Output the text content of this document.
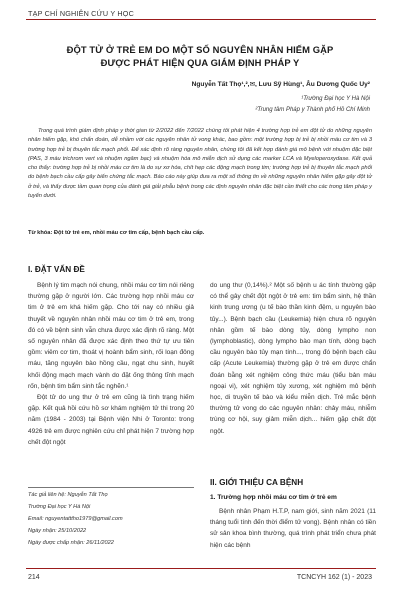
TẠP CHÍ NGHIÊN CỨU Y HỌC
ĐỘT TỬ Ở TRẺ EM DO MỘT SỐ NGUYÊN NHÂN HIẾM GẶP
ĐƯỢC PHÁT HIỆN QUA GIÁM ĐỊNH PHÁP Y
Nguyễn Tất Thọ¹,²,✉, Lưu Sỹ Hùng¹, Âu Dương Quốc Uy²
¹Trường Đại học Y Hà Nội
²Trung tâm Pháp y Thành phố Hồ Chí Minh

Trong quá trình giám định pháp y thời gian từ 2/2022 đến 7/2022 chúng tôi phát hiện 4 trường hợp trẻ em đột tử do những nguyên nhân hiếm gặp, khó chẩn đoán, dễ nhầm với các nguyên nhân tử vong khác, bao gồm: một trường hợp bị trẻ bị nhồi máu cơ tim và 3 trường hợp trẻ bị thuyên tắc mạch phổi. Để xác định rõ ràng nguyên nhân, chúng tôi đã kết hợp đánh giá mô bệnh với nhuộm đặc biệt (PAS, 3 màu trichrom vert và nhuộm ngâm bạc) và nhuộm hóa mô miễn dịch sử dụng các marker LCA và Myeloperoxydase. Kết quả cho thấy: trường hợp trẻ bị nhồi máu cơ tim là do sự xơ hóa, chít hẹp các động mạch trong tim; trường hợp trẻ bị thuyên tắc mạch phổi do bệnh bạch cầu cấp gây biến chứng tắc mạch. Báo cáo này giúp đưa ra một số thông tin về những nguyên nhân hiếm gặp gây đột tử ở trẻ, và thấy được tầm quan trọng của đánh giá giải phẫu bệnh trong các định nguyên nhân đặc biệt cần thiết cho các trong tâm pháp y tuyến dưới.

Từ khóa: Đột tử trẻ em, nhồi máu cơ tim cấp, bệnh bạch cầu cấp.
I. ĐẶT VẤN ĐỀ

Bệnh lý tim mạch nói chung, nhồi máu cơ tim nói riêng thường gặp ở người lớn. Các trường hợp nhồi máu cơ tim ở trẻ em khá hiếm gặp. Cho tới nay có nhiều giả thuyết về nguyên nhân nhồi máu cơ tim ở trẻ em, trong đó có về bệnh sinh vẫn chưa được xác định rõ ràng. Một số nguyên nhân đã được xác định theo thứ tự ưu tiên gồm: viêm cơ tim, thoát vị hoành bẩm sinh, rối loạn đông máu, tăng nguyên bào hồng cầu, ngạt chu sinh, huyết khối động mạch mạch vành do đặt ống thông tĩnh mạch rốn, bệnh tim bẩm sinh tắc nghẽn.¹

Đột tử do ung thư ở trẻ em cũng là tình trạng hiếm gặp. Kết quả hồi cứu hồ sơ khám nghiệm tử thi trong 20 năm (1984 - 2003) tại Bệnh viện Nhi ở Toronto: trong 4926 trẻ em được nghiên cứu chỉ phát hiện 7 trường hợp chết đột ngột

Tác giả liên hệ: Nguyễn Tất Thọ
Trường Đại học Y Hà Nội
Email: nguyentatttho1979@gmail.com
Ngày nhận: 25/10/2022
Ngày được chấp nhận: 26/11/2022

do ung thư (0,14%).² Một số bệnh u ác tính thường gặp có thể gây chết đột ngột ở trẻ em: tim bẩm sinh, hệ thần kinh trung ương (u tế bào thần kinh đệm, u nguyên bào tủy...). Bệnh bạch cầu (Leukemia) hiện chưa rõ nguyên nhân gồm tế bào dòng tủy, dòng lympho non (lymphoblastic), dòng lympho bào mạn tính, dòng bạch cầu nguyên bào tủy mạn tính..., trong đó bệnh bạch cầu cấp (Acute Leukemia) thường gặp ở trẻ em được chẩn đoán bằng xét nghiệm công thức máu (tiểu bản máu ngoại vi), xét nghiệm tủy xương, xét nghiệm mô bệnh học, di truyền tế bào và kiểu miễn dịch. Trẻ mắc bệnh thường tử vong do các nguyên nhân: chảy máu, nhiễm trùng cơ hội, suy giảm miễn dịch... hiếm gặp chết đột ngột.

II. GIỚI THIỆU CA BỆNH
1. Trường hợp nhồi máu cơ tim ở trẻ em

Bệnh nhân Phạm H.T.P, nam giới, sinh năm 2021 (11 tháng tuổi tính đến thời điểm tử vong). Bệnh nhân có tiền sử sản khoa bình thường, quá trình phát triển chưa phát hiện các bệnh

214	TCNCYH 162 (1) - 2023
